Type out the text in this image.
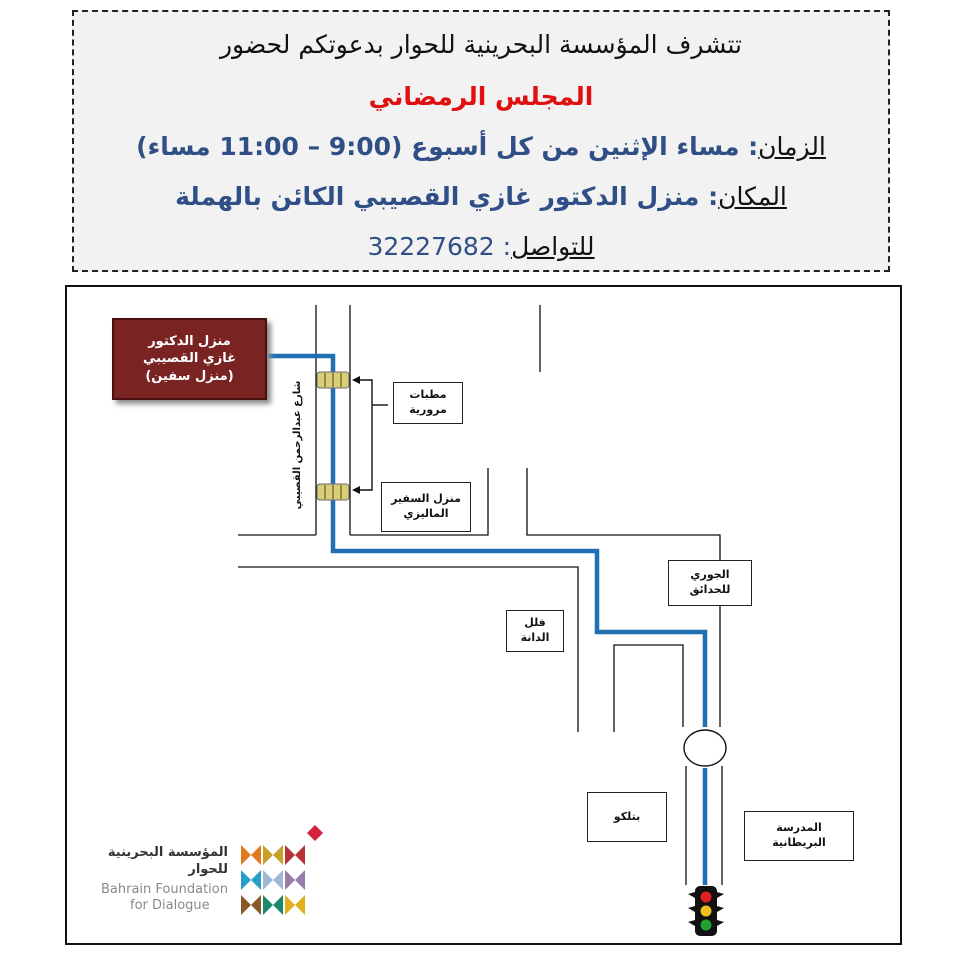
تتشرف المؤسسة البحرينية للحوار بدعوتكم لحضور
المجلس الرمضاني
الزمان: مساء الإثنين من كل أسبوع (9:00 – 11:00 مساء)
المكان: منزل الدكتور غازي القصيبي الكائن بالهملة
للتواصل: 32227682
منزل الدكتور
غازي القصيبي
(منزل سفين)
شارع عبدالرحمن القصيبي	مطبات
مرورية
منزل السفير
الماليزي
الجوري
للحدائق
فلل
الدانة
بتلكو
المدرسة
البريطانية
المؤسسة البحرينية
للحوار
Bahrain Foundation
for Dialogue
